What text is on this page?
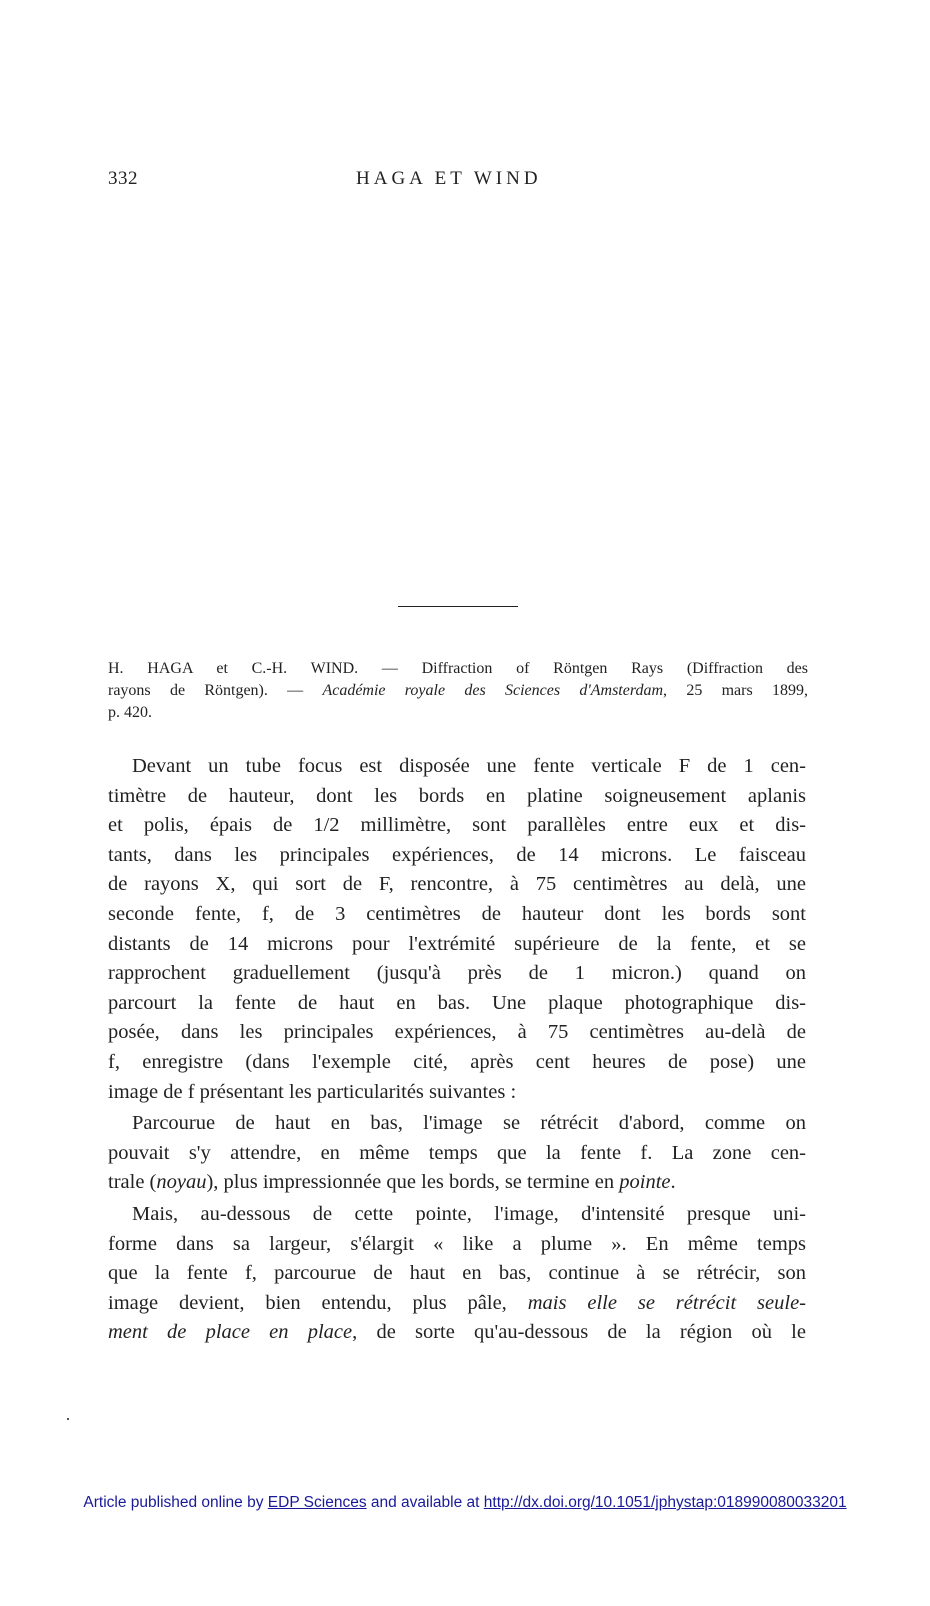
332	HAGA ET WIND
H. HAGA et C.-H. WIND. — Diffraction of Röntgen Rays (Diffraction des
rayons de Röntgen). — Académie royale des Sciences d'Amsterdam, 25 mars 1899,
p. 420.
Devant un tube focus est disposée une fente verticale F de 1 cen-
timètre de hauteur, dont les bords en platine soigneusement aplanis
et polis, épais de 1/2 millimètre, sont parallèles entre eux et dis-
tants, dans les principales expériences, de 14 microns. Le faisceau
de rayons X, qui sort de F, rencontre, à 75 centimètres au delà, une
seconde fente, f, de 3 centimètres de hauteur dont les bords sont
distants de 14 microns pour l'extrémité supérieure de la fente, et se
rapprochent graduellement (jusqu'à près de 1 micron.) quand on
parcourt la fente de haut en bas. Une plaque photographique dis-
posée, dans les principales expériences, à 75 centimètres au-delà de
f, enregistre (dans l'exemple cité, après cent heures de pose) une
image de f présentant les particularités suivantes :
Parcourue de haut en bas, l'image se rétrécit d'abord, comme on
pouvait s'y attendre, en même temps que la fente f. La zone cen-
trale (noyau), plus impressionnée que les bords, se termine en pointe.
Mais, au-dessous de cette pointe, l'image, d'intensité presque uni-
forme dans sa largeur, s'élargit « like a plume ». En même temps
que la fente f, parcourue de haut en bas, continue à se rétrécir, son
image devient, bien entendu, plus pâle, mais elle se rétrécit seule-
ment de place en place, de sorte qu'au-dessous de la région où le
Article published online by EDP Sciences and available at http://dx.doi.org/10.1051/jphystap:018990080033201
